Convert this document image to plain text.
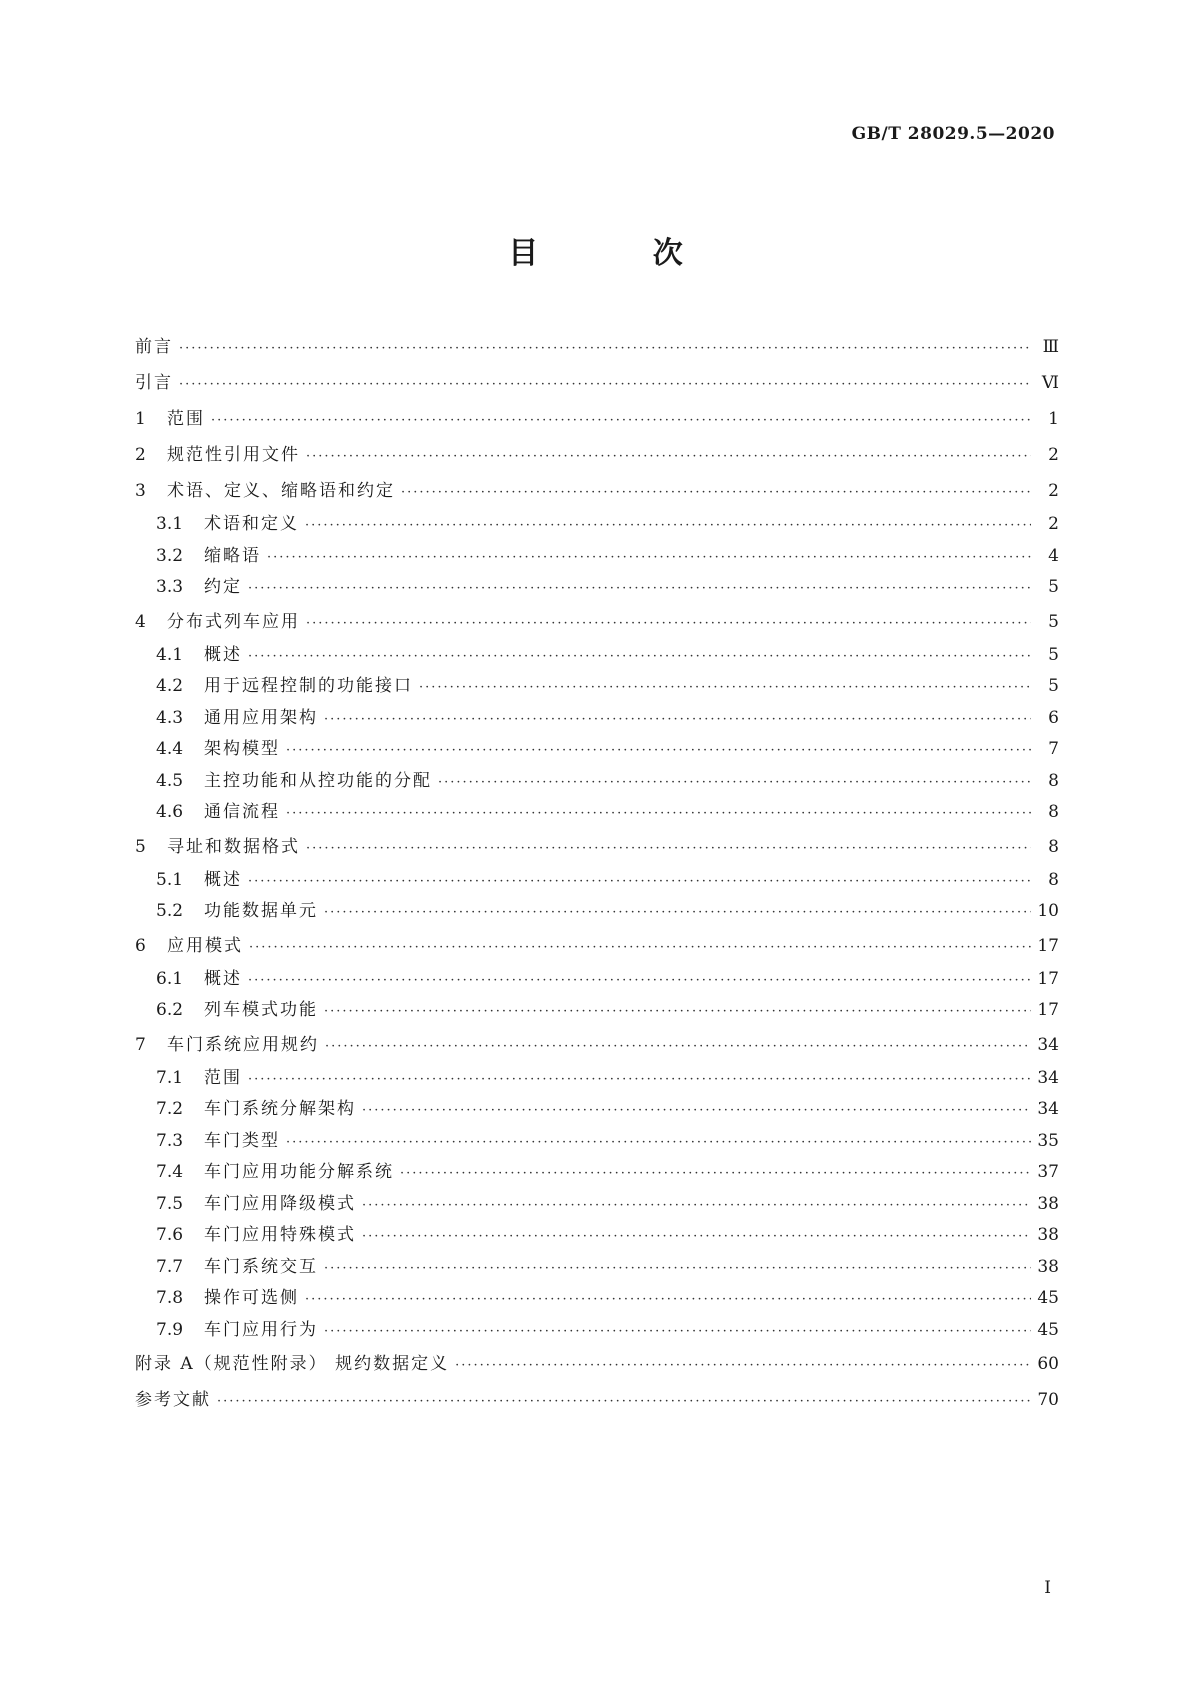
GB/T 28029.5—2020
目 次
前言 ·····	Ⅲ
引言 ·····	Ⅵ
1	范围 ·····	1
2	规范性引用文件 ·····	2
3	术语、定义、缩略语和约定 ·····	2
3.1	术语和定义 ·····	2
3.2	缩略语 ·····	4
3.3	约定 ·····	5
4	分布式列车应用 ·····	5
4.1	概述 ·····	5
4.2	用于远程控制的功能接口 ·····	5
4.3	通用应用架构 ·····	6
4.4	架构模型 ·····	7
4.5	主控功能和从控功能的分配 ·····	8
4.6	通信流程 ·····	8
5	寻址和数据格式 ·····	8
5.1	概述 ·····	8
5.2	功能数据单元 ·····	10
6	应用模式 ·····	17
6.1	概述 ·····	17
6.2	列车模式功能 ·····	17
7	车门系统应用规约 ·····	34
7.1	范围 ·····	34
7.2	车门系统分解架构 ·····	34
7.3	车门类型 ·····	35
7.4	车门应用功能分解系统 ·····	37
7.5	车门应用降级模式 ·····	38
7.6	车门应用特殊模式 ·····	38
7.7	车门系统交互 ·····	38
7.8	操作可选侧 ·····	45
7.9	车门应用行为 ·····	45
附录 A（规范性附录） 规约数据定义 ·····	60
参考文献 ·····	70
I
